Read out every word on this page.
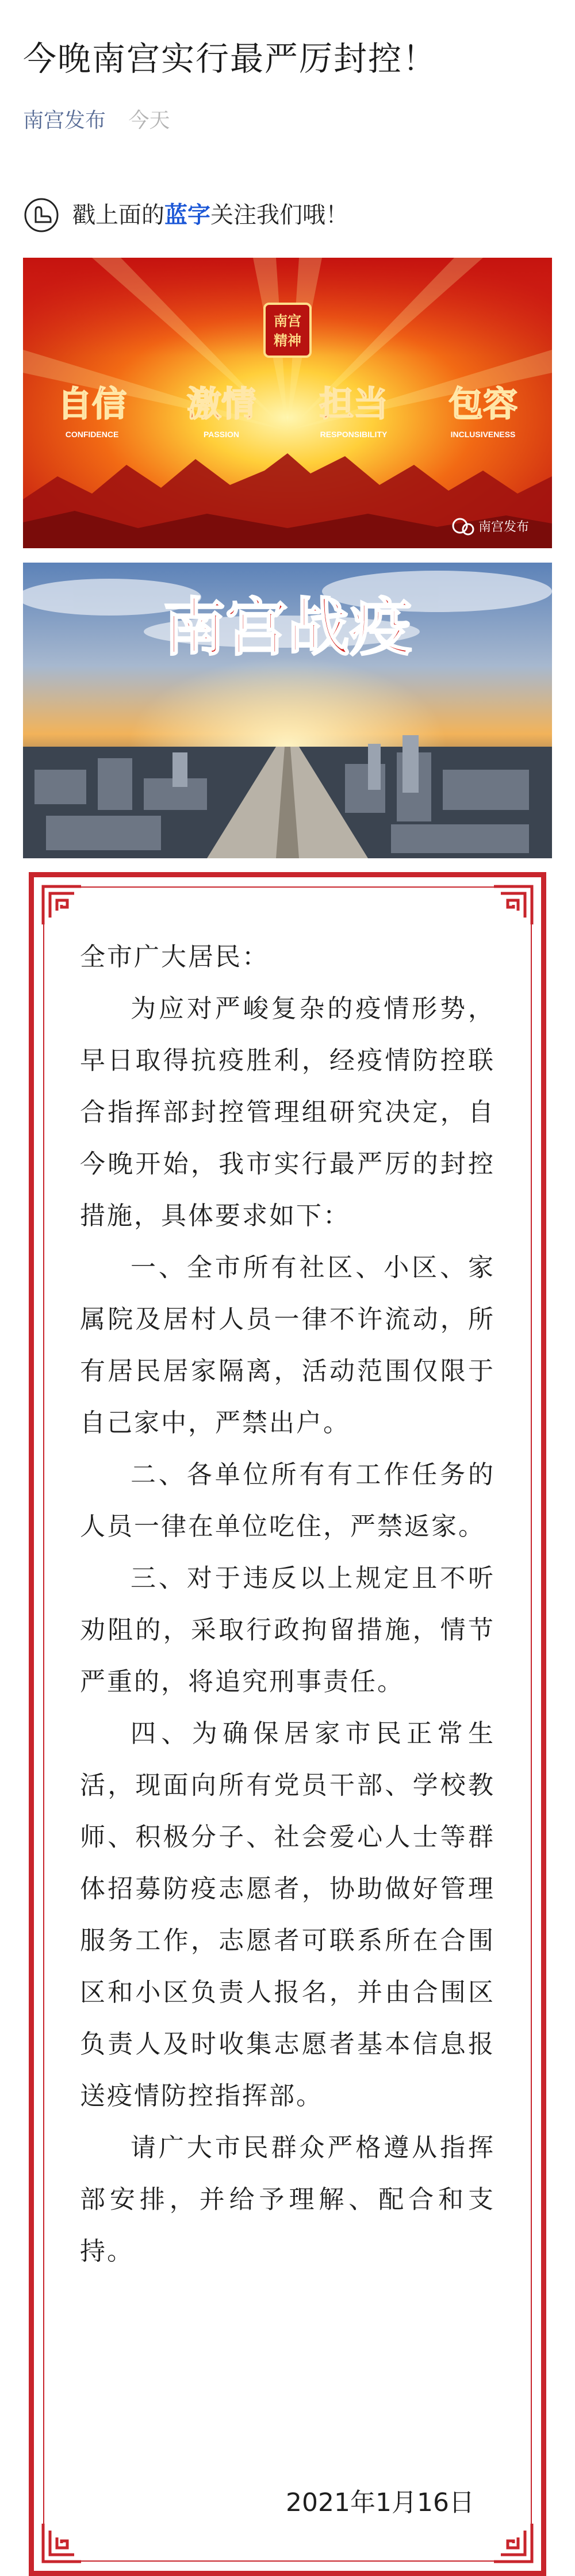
今晚南宫实行最严厉封控！
南宫发布 今天
戳上面的 蓝字 关注我们哦！
南宫
精神
自信 激情 担当 包容
CONFIDENCE	PASSION	RESPONSIBILITY	INCLUSIVENESS
南宫发布
南宫战疫

全市广大居民：

为应对严峻复杂的疫情形势，早日取得抗疫胜利，经疫情防控联合指挥部封控管理组研究决定，自今晚开始，我市实行最严厉的封控措施，具体要求如下：

一、全市所有社区、小区、家属院及居村人员一律不许流动，所有居民居家隔离，活动范围仅限于自己家中，严禁出户。

二、各单位所有有工作任务的人员一律在单位吃住，严禁返家。

三、对于违反以上规定且不听劝阻的，采取行政拘留措施，情节严重的，将追究刑事责任。

四、为确保居家市民正常生活，现面向所有党员干部、学校教师、积极分子、社会爱心人士等群体招募防疫志愿者，协助做好管理服务工作，志愿者可联系所在合围区和小区负责人报名，并由合围区负责人及时收集志愿者基本信息报送疫情防控指挥部。

请广大市民群众严格遵从指挥部安排，并给予理解、配合和支持。

2021年1月16日
